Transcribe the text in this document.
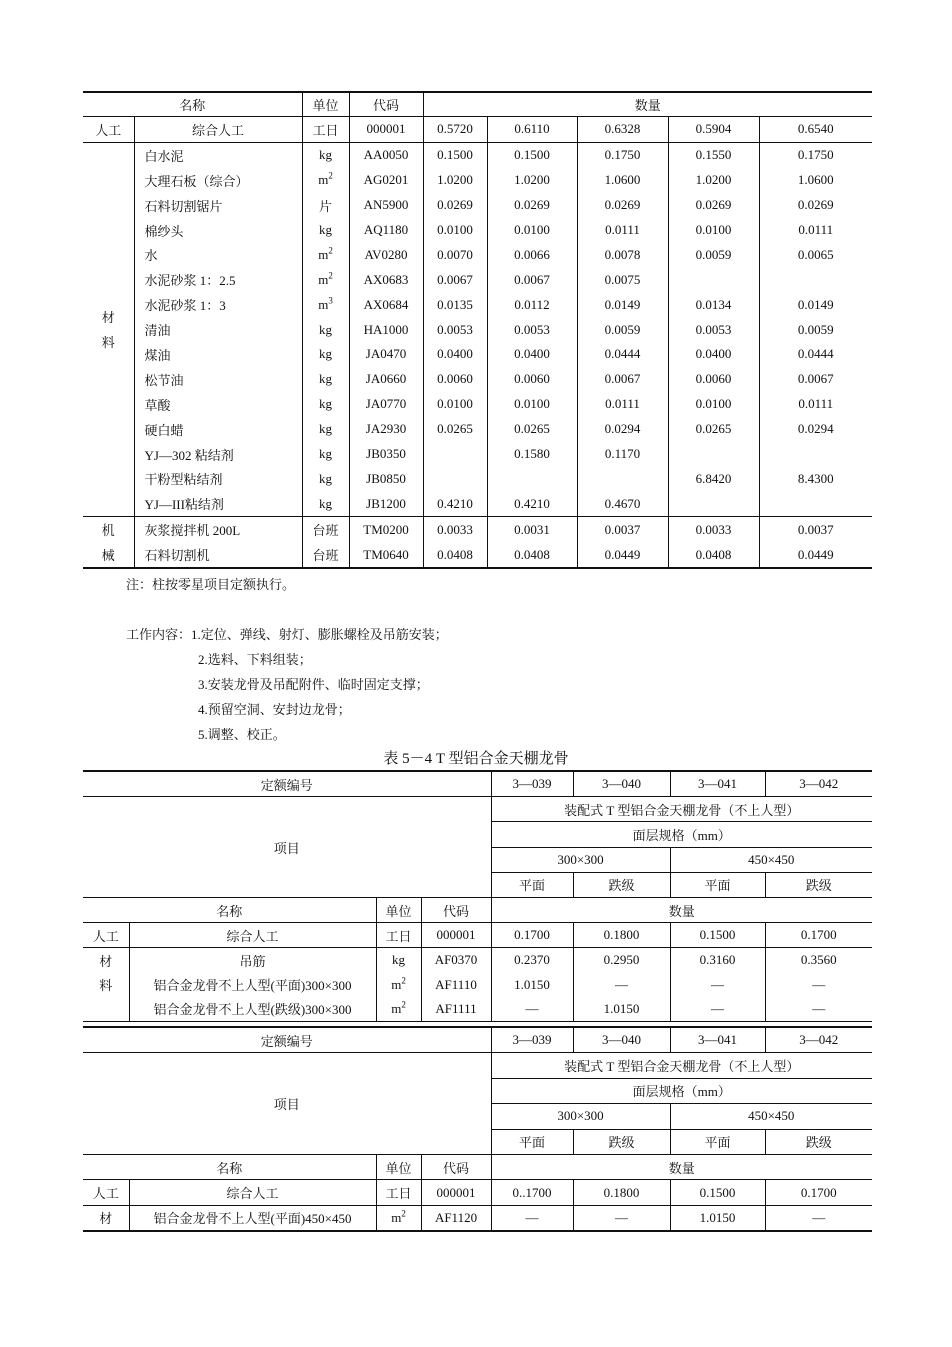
名称		单位	代码	数量				
人工	综合人工	工日	000001	0.5720	0.6110	0.6328	0.5904	0.6540

材
料	白水泥	kg	AA0050	0.1500	0.1500	0.1750	0.1550	0.1750
	大理石板（综合）	$m^2$	AG0201	1.0200	1.0200	1.0600	1.0200	1.0600
	石料切割锯片	片	AN5900	0.0269	0.0269	0.0269	0.0269	0.0269
	棉纱头	kg	AQ1180	0.0100	0.0100	0.0111	0.0100	0.0111
	水	$m^2$	AV0280	0.0070	0.0066	0.0078	0.0059	0.0065
	水泥砂浆 1：2.5	$m^2$	AX0683	0.0067	0.0067	0.0075		
	水泥砂浆 1：3	$m^3$	AX0684	0.0135	0.0112	0.0149	0.0134	0.0149
	清油	kg	HA1000	0.0053	0.0053	0.0059	0.0053	0.0059
	煤油	kg	JA0470	0.0400	0.0400	0.0444	0.0400	0.0444
	松节油	kg	JA0660	0.0060	0.0060	0.0067	0.0060	0.0067
	草酸	kg	JA0770	0.0100	0.0100	0.0111	0.0100	0.0111
	硬白蜡	kg	JA2930	0.0265	0.0265	0.0294	0.0265	0.0294
	YJ—302 粘结剂	kg	JB0350		0.1580	0.1170		
	干粉型粘结剂	kg	JB0850				6.8420	8.4300
	YJ—III粘结剂	kg	JB1200	0.4210	0.4210	0.4670		
机	灰浆搅拌机 200L	台班	TM0200	0.0033	0.0031	0.0037	0.0033	0.0037
械	石料切割机	台班	TM0640	0.0408	0.0408	0.0449	0.0408	0.0449
注：柱按零星项目定额执行。
工作内容：1.定位、弹线、射灯、膨胀螺栓及吊筋安装；
2.选料、下料组装；
3.安装龙骨及吊配附件、临时固定支撑；
4.预留空洞、安封边龙骨；
5.调整、校正。
表 5－4 T 型铝合金天棚龙骨
定额编号				3—039	3—040	3—041	3—042
项目				装配式 T 型铝合金天棚龙骨（不上人型）			
				面层规格（mm）			
				300×300		450×450	
				平面	跌级	平面	跌级
名称		单位	代码	数量			
人工	综合人工	工日	000001	0.1700	0.1800	0.1500	0.1700
材	吊筋	kg	AF0370	0.2370	0.2950	0.3160	0.3560
料	铝合金龙骨不上人型(平面)300×300	$m^2$	AF1110	1.0150	—	—	—
	铝合金龙骨不上人型(跌级)300×300	$m^2$	AF1111	—	1.0150	—	—
定额编号				3—039	3—040	3—041	3—042
项目				装配式 T 型铝合金天棚龙骨（不上人型）			
				面层规格（mm）			
				300×300		450×450	
				平面	跌级	平面	跌级
名称		单位	代码	数量			
人工	综合人工	工日	000001	0..1700	0.1800	0.1500	0.1700
材	铝合金龙骨不上人型(平面)450×450	$m^2$	AF1120	—	—	1.0150	—
